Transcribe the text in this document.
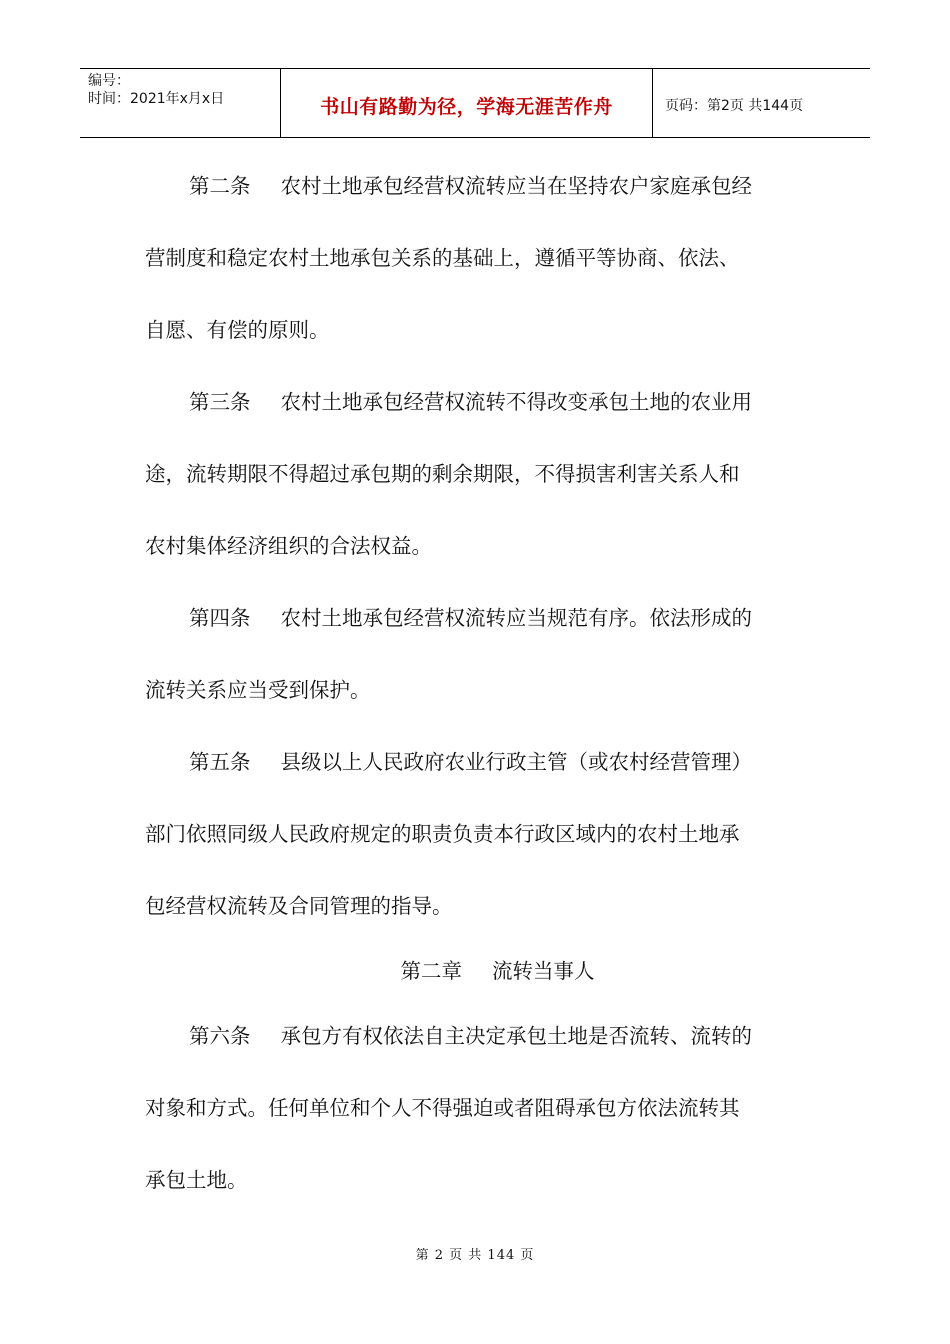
编号：
时间：2021年x月x日	书山有路勤为径，学海无涯苦作舟	页码：第2页 共144页
第二条 农村土地承包经营权流转应当在坚持农户家庭承包经
营制度和稳定农村土地承包关系的基础上，遵循平等协商、依法、
自愿、有偿的原则。
第三条 农村土地承包经营权流转不得改变承包土地的农业用
途，流转期限不得超过承包期的剩余期限，不得损害利害关系人和
农村集体经济组织的合法权益。
第四条 农村土地承包经营权流转应当规范有序。依法形成的
流转关系应当受到保护。
第五条 县级以上人民政府农业行政主管（或农村经营管理）
部门依照同级人民政府规定的职责负责本行政区域内的农村土地承
包经营权流转及合同管理的指导。
第二章 流转当事人
第六条 承包方有权依法自主决定承包土地是否流转、流转的
对象和方式。任何单位和个人不得强迫或者阻碍承包方依法流转其
承包土地。
第 2 页 共 144 页
